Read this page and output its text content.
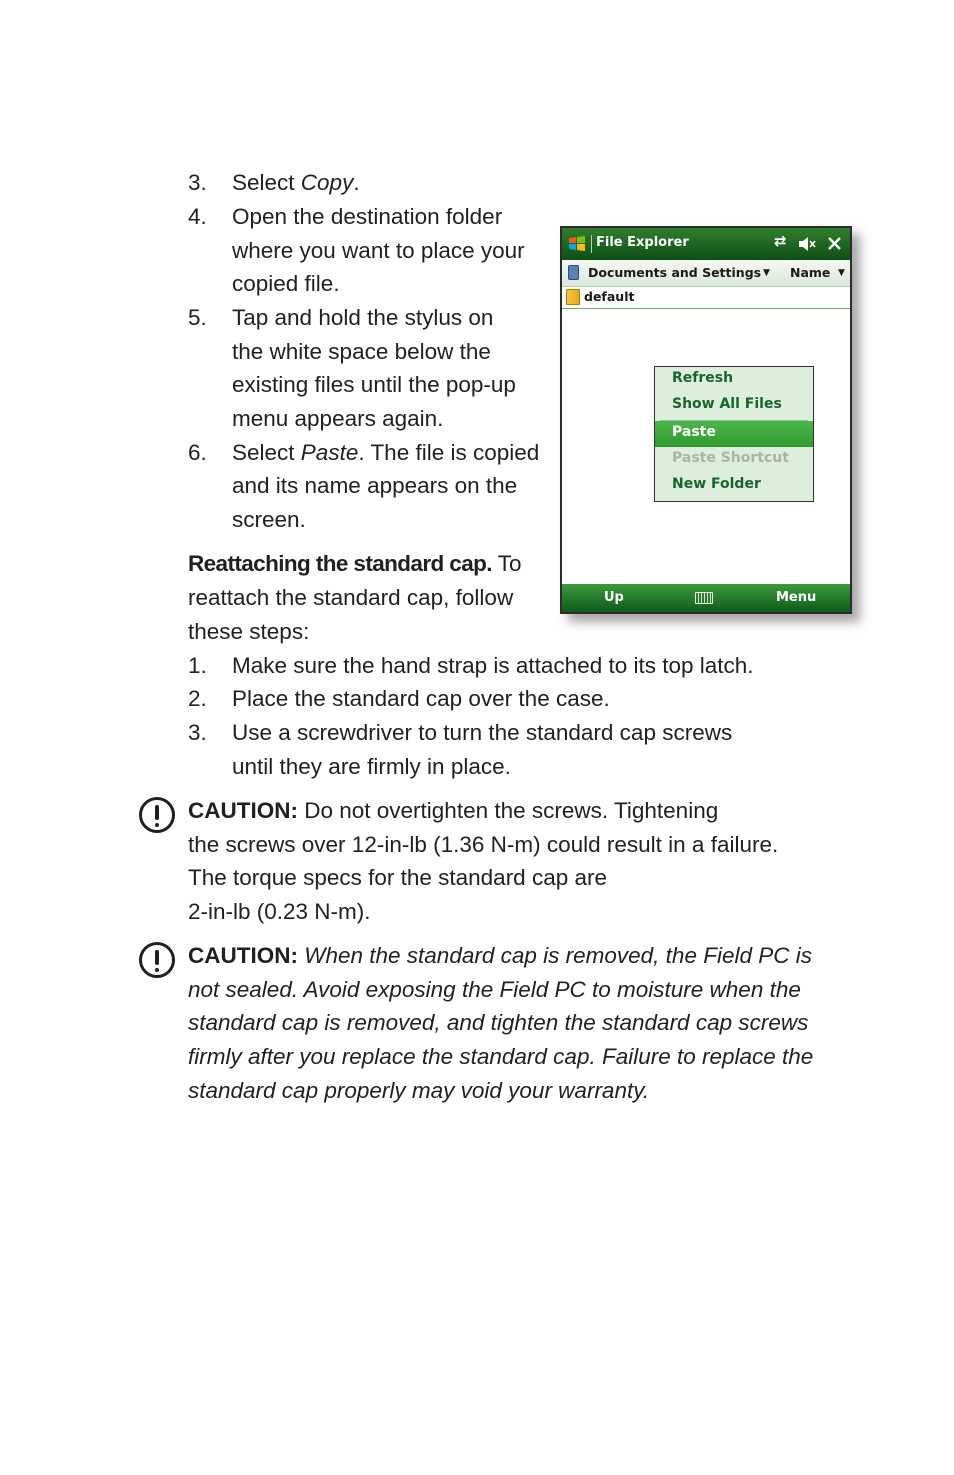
3. Select Copy.
4. Open the destination folder
where you want to place your
copied file.
5. Tap and hold the stylus on
the white space below the
existing files until the pop-up
menu appears again.
6. Select Paste. The file is copied
and its name appears on the
screen.
Reattaching the standard cap. To
reattach the standard cap, follow
these steps:
1. Make sure the hand strap is attached to its top latch.
2. Place the standard cap over the case.
3. Use a screwdriver to turn the standard cap screws
until they are firmly in place.
CAUTION: Do not overtighten the screws. Tightening
the screws over 12-in-lb (1.36 N-m) could result in a failure.
The torque specs for the standard cap are
2-in-lb (0.23 N-m).
CAUTION: When the standard cap is removed, the Field PC is
not sealed. Avoid exposing the Field PC to moisture when the
standard cap is removed, and tighten the standard cap screws
firmly after you replace the standard cap. Failure to replace the
standard cap properly may void your warranty.
File Explorer	⇄
Documents and Settings ▼ Name ▼
default
Refresh
Show All Files
Paste
Paste Shortcut
New Folder
Up	Menu
